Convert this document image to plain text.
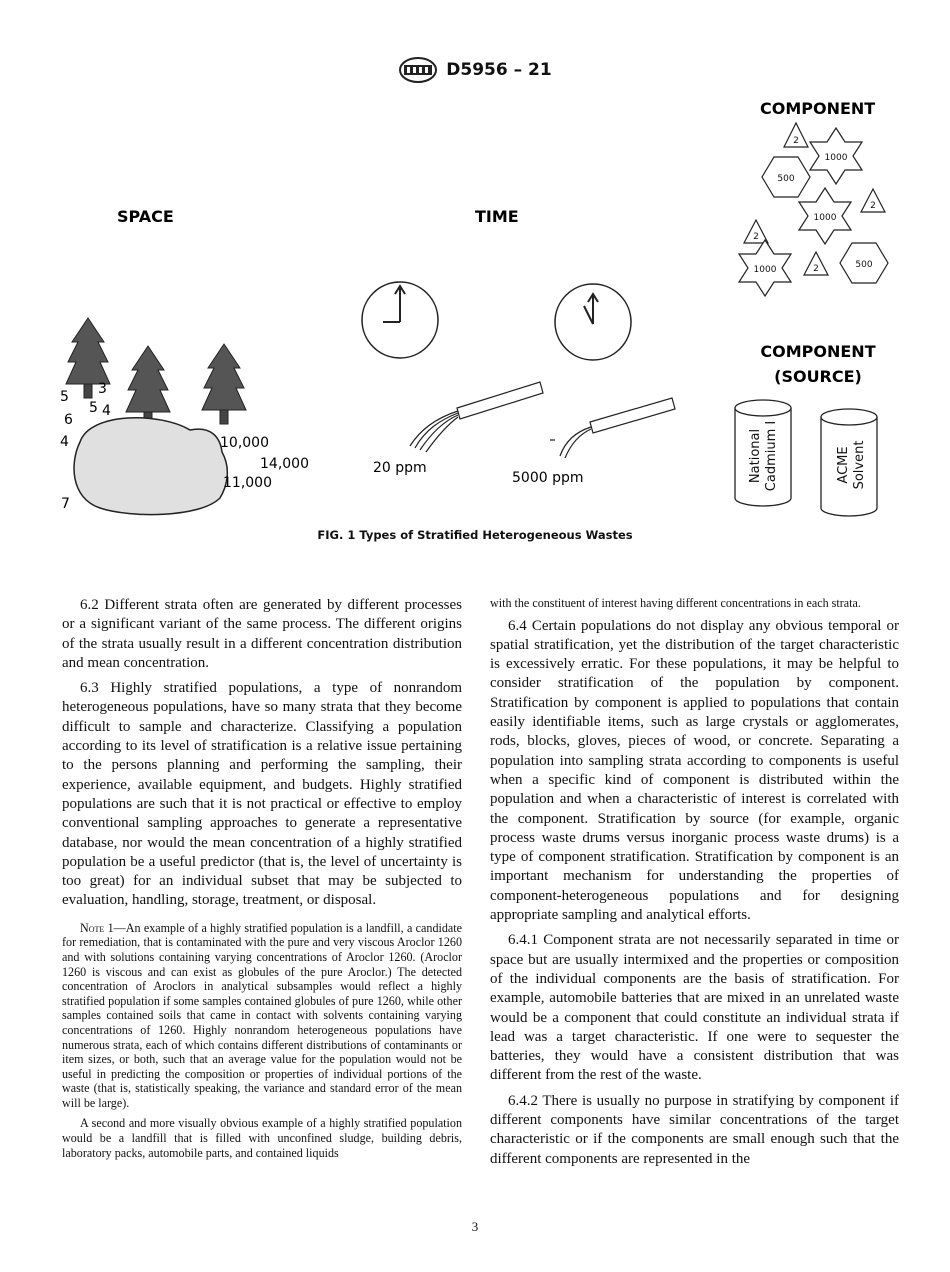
D5956 – 21
SPACE
5 3
6
5 4
4
7
10,000
14,000
11,000
TIME
20 ppm
5000 ppm
COMPONENT
2
1000
500
2
1000
2
1000	2	500
COMPONENT
(SOURCE)
National Cadmium I	ACME Solvent
FIG. 1 Types of Stratified Heterogeneous Wastes

6.2 Different strata often are generated by different processes or a significant variant of the same process. The different origins of the strata usually result in a different concentration distribution and mean concentration.

6.3 Highly stratified populations, a type of nonrandom heterogeneous populations, have so many strata that they become difficult to sample and characterize. Classifying a population according to its level of stratification is a relative issue pertaining to the persons planning and performing the sampling, their experience, available equipment, and budgets. Highly stratified populations are such that it is not practical or effective to employ conventional sampling approaches to generate a representative database, nor would the mean concentration of a highly stratified population be a useful predictor (that is, the level of uncertainty is too great) for an individual subset that may be subjected to evaluation, handling, storage, treatment, or disposal.

Note 1—An example of a highly stratified population is a landfill, a candidate for remediation, that is contaminated with the pure and very viscous Aroclor 1260 and with solutions containing varying concentrations of Aroclor 1260. (Aroclor 1260 is viscous and can exist as globules of the pure Aroclor.) The detected concentration of Aroclors in analytical subsamples would reflect a highly stratified population if some samples contained globules of pure 1260, while other samples contained soils that came in contact with solvents containing varying concentrations of 1260. Highly nonrandom heterogeneous populations have numerous strata, each of which contains different distributions of contaminants or item sizes, or both, such that an average value for the population would not be useful in predicting the composition or properties of individual portions of the waste (that is, statistically speaking, the variance and standard error of the mean will be large).

A second and more visually obvious example of a highly stratified population would be a landfill that is filled with unconfined sludge, building debris, laboratory packs, automobile parts, and contained liquids

with the constituent of interest having different concentrations in each strata.

6.4 Certain populations do not display any obvious temporal or spatial stratification, yet the distribution of the target characteristic is excessively erratic. For these populations, it may be helpful to consider stratification of the population by component. Stratification by component is applied to populations that contain easily identifiable items, such as large crystals or agglomerates, rods, blocks, gloves, pieces of wood, or concrete. Separating a population into sampling strata according to components is useful when a specific kind of component is distributed within the population and when a characteristic of interest is correlated with the component. Stratification by source (for example, organic process waste drums versus inorganic process waste drums) is a type of component stratification. Stratification by component is an important mechanism for understanding the properties of component-heterogeneous populations and for designing appropriate sampling and analytical efforts.

6.4.1 Component strata are not necessarily separated in time or space but are usually intermixed and the properties or composition of the individual components are the basis of stratification. For example, automobile batteries that are mixed in an unrelated waste would be a component that could constitute an individual strata if lead was a target characteristic. If one were to sequester the batteries, they would have a consistent distribution that was different from the rest of the waste.

6.4.2 There is usually no purpose in stratifying by component if different components have similar concentrations of the target characteristic or if the components are small enough such that the different components are represented in the

3
